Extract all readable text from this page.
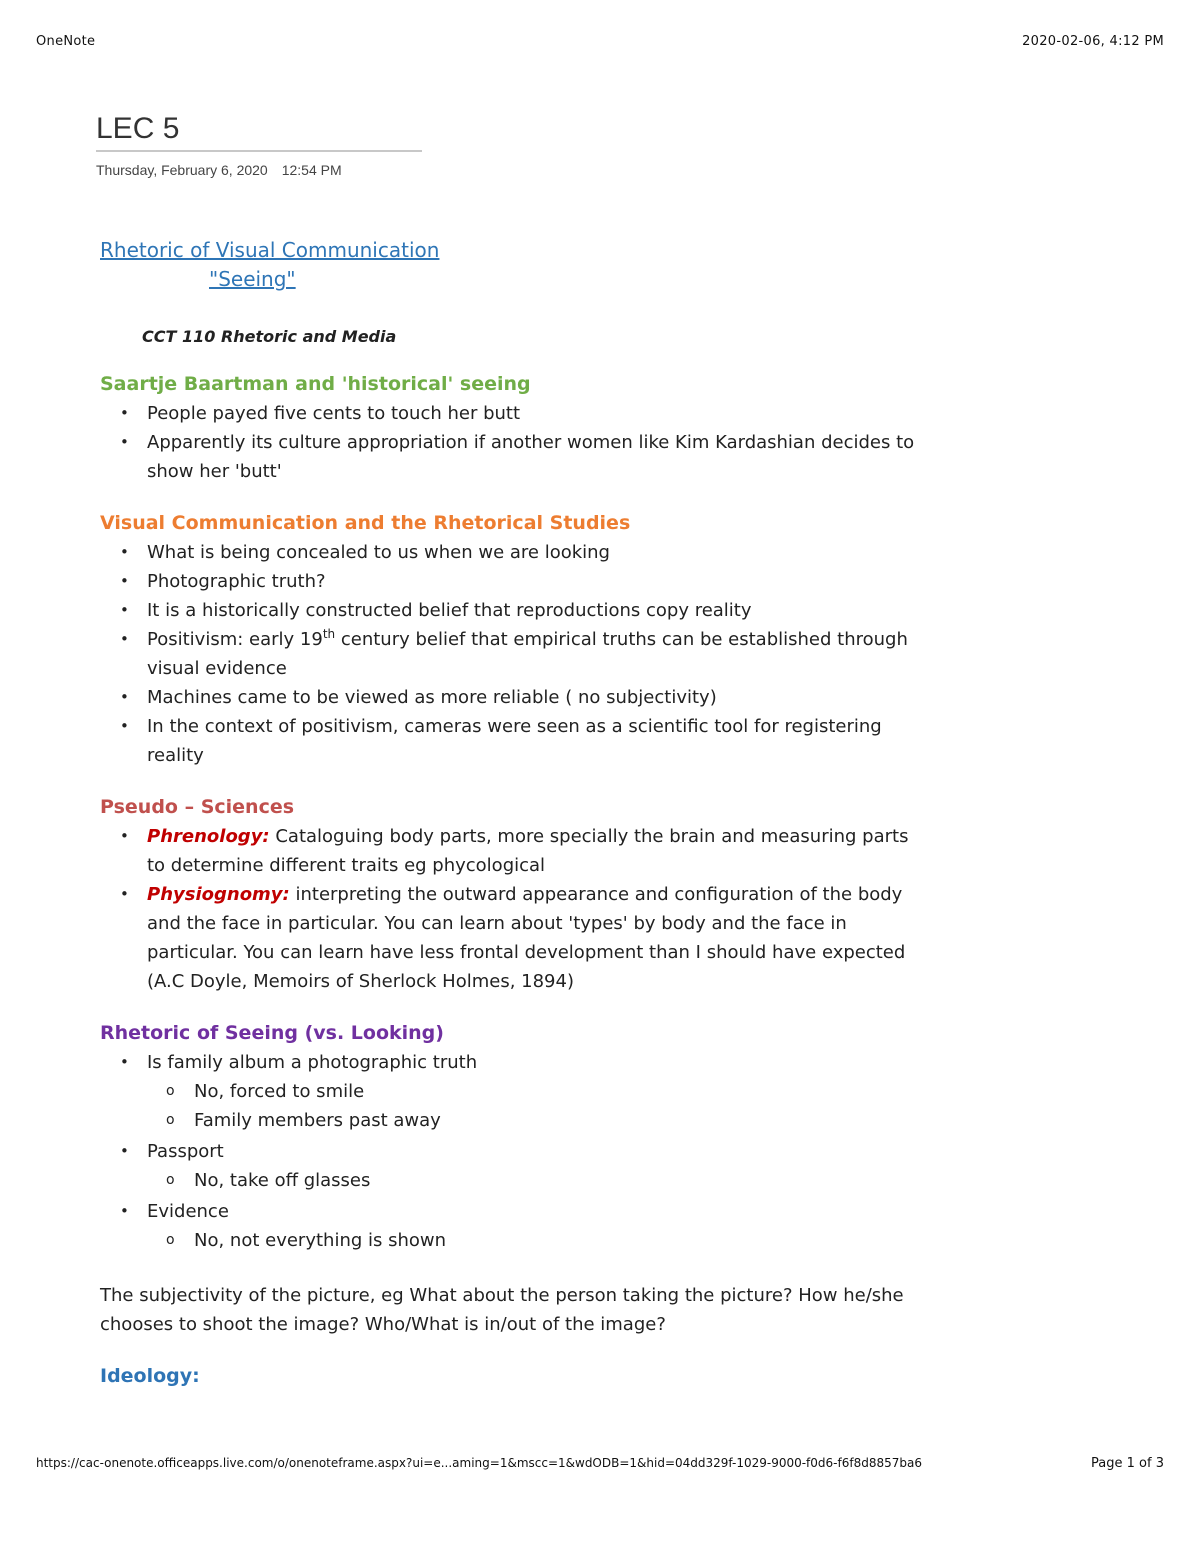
OneNote	2020-02-06, 4:12 PM
LEC 5
Thursday, February 6, 2020 12:54 PM
Rhetoric of Visual Communication
"Seeing"
CCT 110 Rhetoric and Media
Saartje Baartman and 'historical' seeing
• People payed five cents to touch her butt
• Apparently its culture appropriation if another women like Kim Kardashian decides to show her 'butt'
Visual Communication and the Rhetorical Studies
• What is being concealed to us when we are looking
• Photographic truth?
• It is a historically constructed belief that reproductions copy reality
• Positivism: early 19th century belief that empirical truths can be established through visual evidence
• Machines came to be viewed as more reliable ( no subjectivity)
• In the context of positivism, cameras were seen as a scientific tool for registering reality
Pseudo – Sciences
• Phrenology: Cataloguing body parts, more specially the brain and measuring parts to determine different traits eg phycological
• Physiognomy: interpreting the outward appearance and configuration of the body and the face in particular. You can learn about 'types' by body and the face in particular. You can learn have less frontal development than I should have expected (A.C Doyle, Memoirs of Sherlock Holmes, 1894)
Rhetoric of Seeing (vs. Looking)
• Is family album a photographic truth
o No, forced to smile
o Family members past away
• Passport
o No, take off glasses
• Evidence
o No, not everything is shown
The subjectivity of the picture, eg What about the person taking the picture? How he/she chooses to shoot the image? Who/What is in/out of the image?
Ideology:
https://cac-onenote.officeapps.live.com/o/onenoteframe.aspx?ui=e...aming=1&mscc=1&wdODB=1&hid=04dd329f-1029-9000-f0d6-f6f8d8857ba6	Page 1 of 3
